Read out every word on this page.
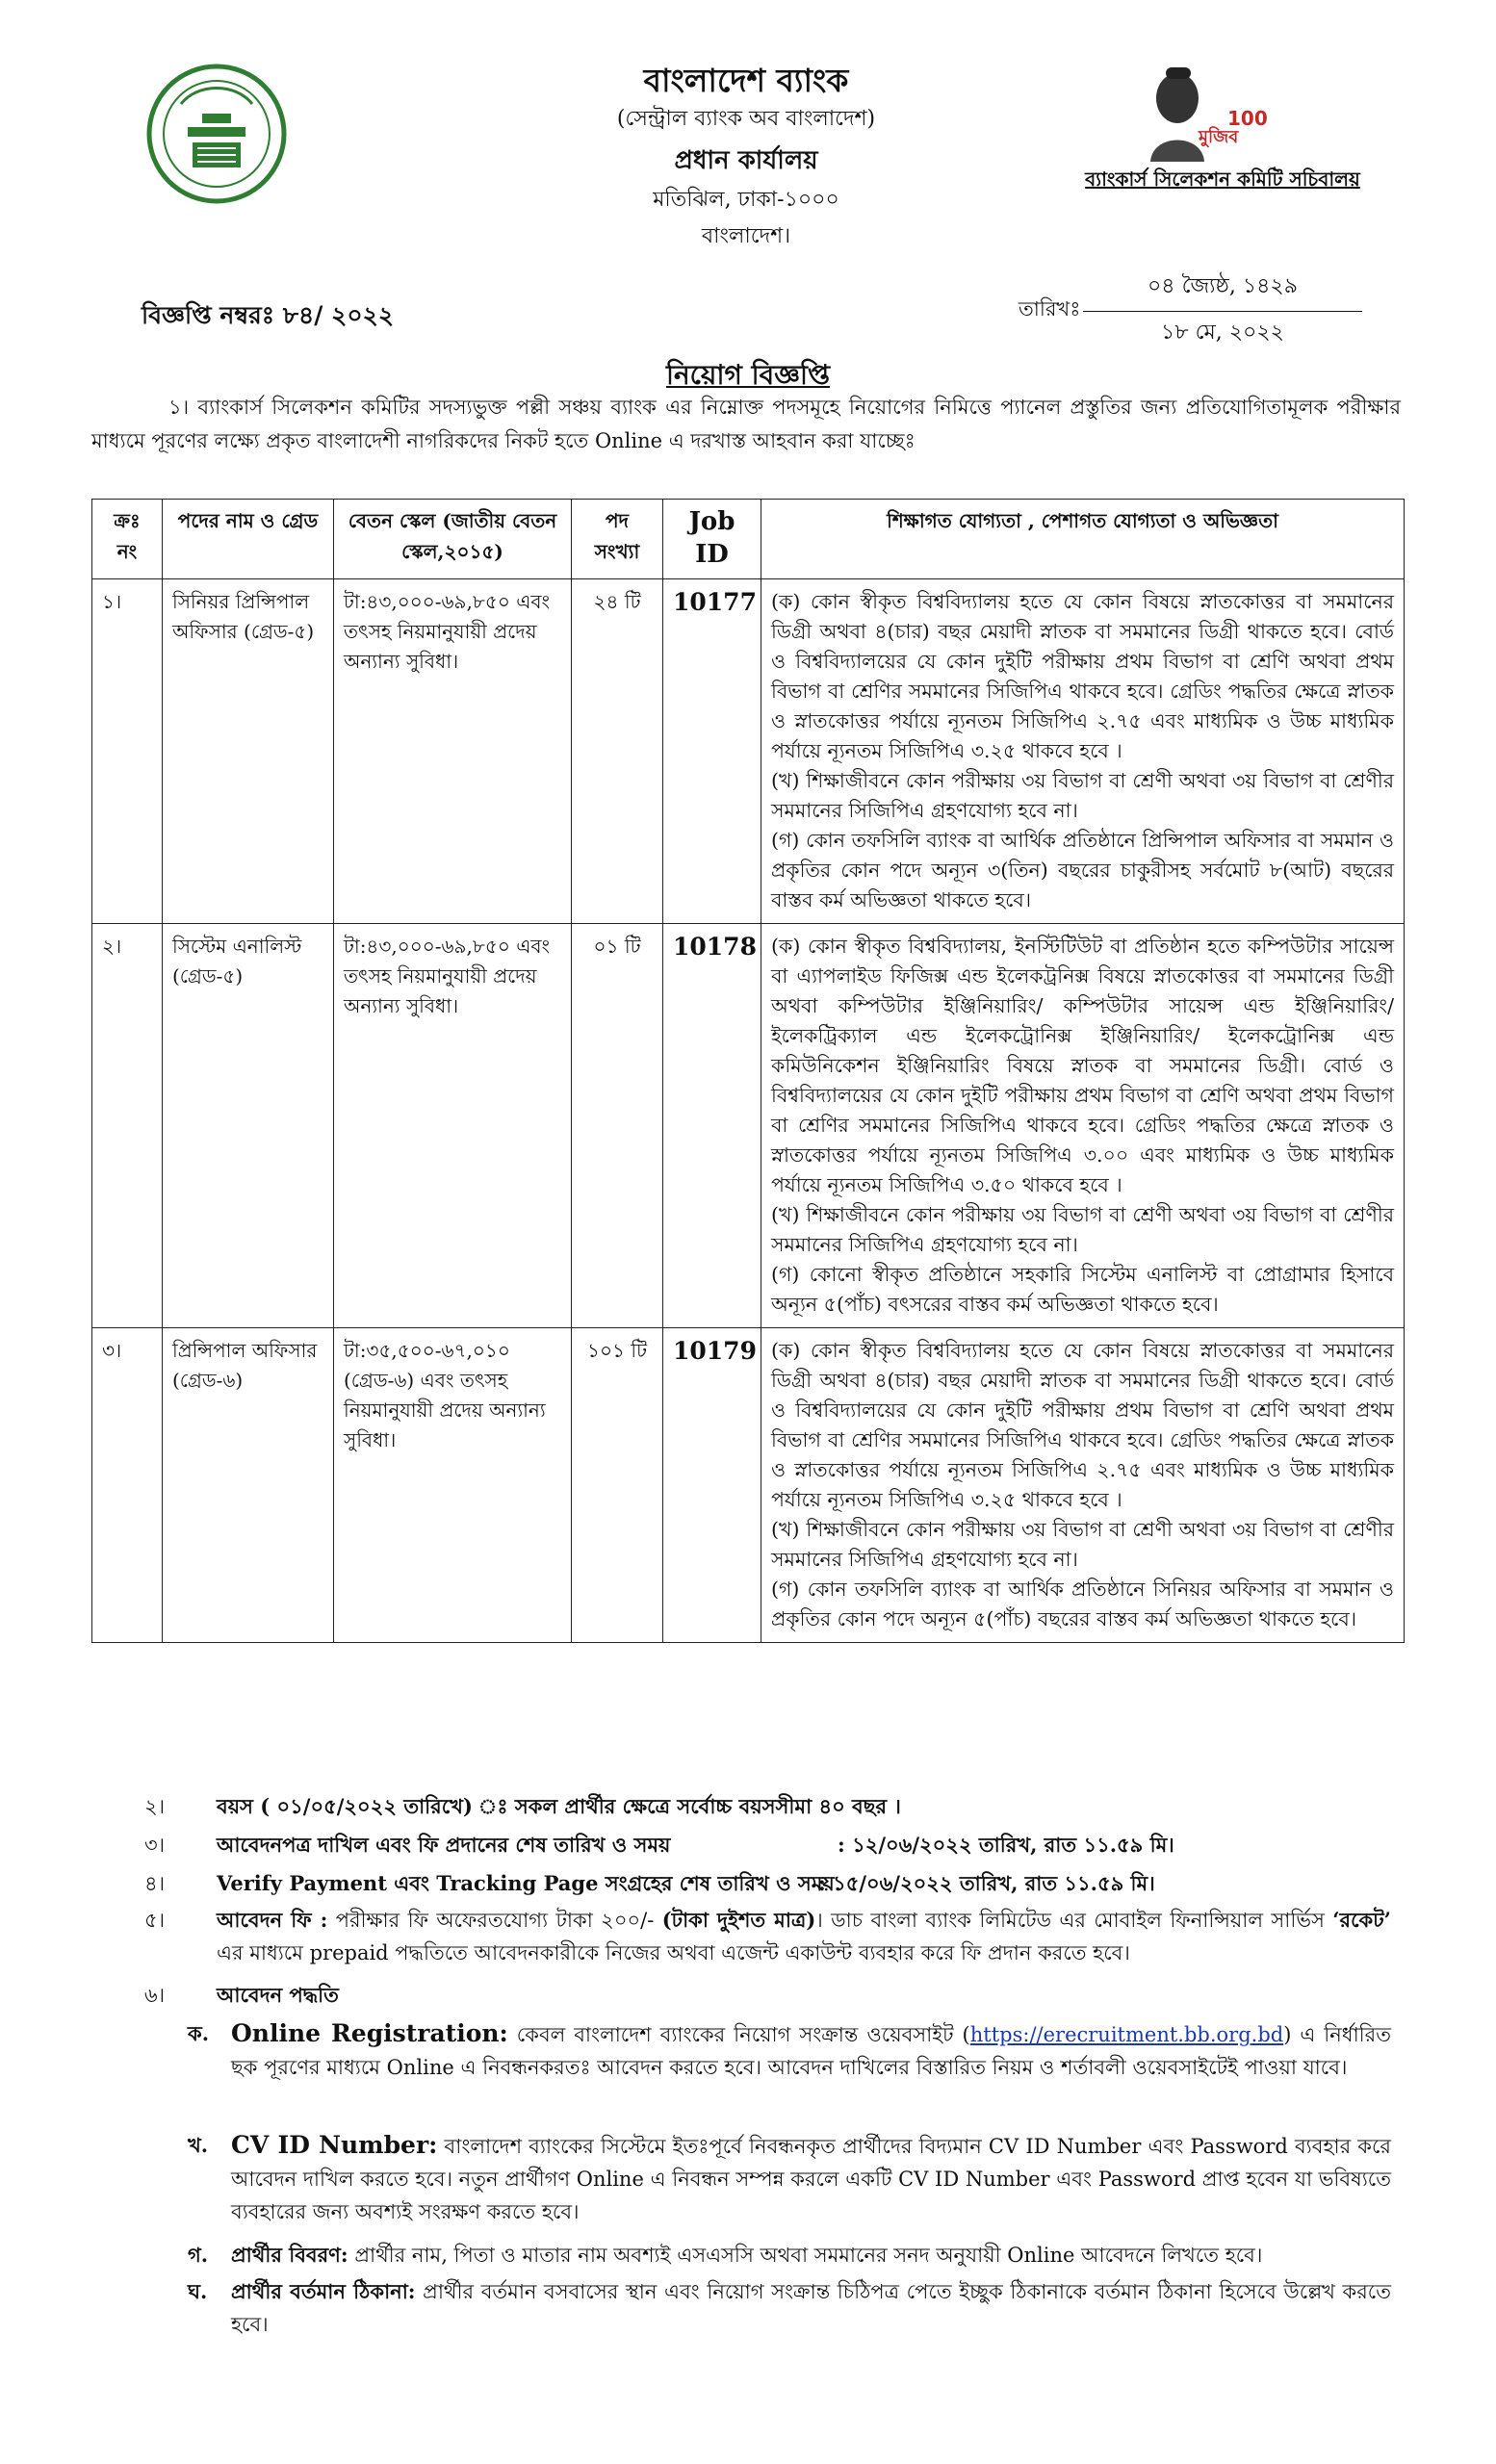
বাংলাদেশ ব্যাংক
(সেন্ট্রাল ব্যাংক অব বাংলাদেশ)
প্রধান কার্যালয়
মতিঝিল, ঢাকা-১০০০
বাংলাদেশ।
মুজিব
100
ব্যাংকার্স সিলেকশন কমিটি সচিবালয়
বিজ্ঞপ্তি নম্বরঃ ৮৪/ ২০২২	তারিখঃ
০৪ জ্যৈষ্ঠ, ১৪২৯
১৮ মে, ২০২২
নিয়োগ বিজ্ঞপ্তি
১। ব্যাংকার্স সিলেকশন কমিটির সদস্যভুক্ত পল্লী সঞ্চয় ব্যাংক এর নিম্নোক্ত পদসমূহে নিয়োগের নিমিত্তে প্যানেল প্রস্তুতির জন্য প্রতিযোগিতামূলক পরীক্ষার মাধ্যমে পূরণের লক্ষ্যে প্রকৃত বাংলাদেশী নাগরিকদের নিকট হতে Online এ দরখাস্ত আহবান করা যাচ্ছেঃ
ক্রঃ নং	পদের নাম ও গ্রেড	বেতন স্কেল (জাতীয় বেতন স্কেল,২০১৫)	পদ সংখ্যা	Job ID	শিক্ষাগত যোগ্যতা , পেশাগত যোগ্যতা ও অভিজ্ঞতা
১।	সিনিয়র প্রিন্সিপাল অফিসার (গ্রেড-৫)	টা:৪৩,০০০-৬৯,৮৫০ এবং তৎসহ নিয়মানুযায়ী প্রদেয় অন্যান্য সুবিধা।	২৪ টি	10177	(ক) কোন স্বীকৃত বিশ্ববিদ্যালয় হতে যে কোন বিষয়ে স্নাতকোত্তর বা সমমানের ডিগ্রী অথবা ৪(চার) বছর মেয়াদী স্নাতক বা সমমানের ডিগ্রী থাকতে হবে। বোর্ড ও বিশ্ববিদ্যালয়ের যে কোন দুইটি পরীক্ষায় প্রথম বিভাগ বা শ্রেণি অথবা প্রথম বিভাগ বা শ্রেণির সমমানের সিজিপিএ থাকবে হবে। গ্রেডিং পদ্ধতির ক্ষেত্রে স্নাতক ও স্নাতকোত্তর পর্যায়ে ন্যূনতম সিজিপিএ ২.৭৫ এবং মাধ্যমিক ও উচ্চ মাধ্যমিক পর্যায়ে ন্যূনতম সিজিপিএ ৩.২৫ থাকবে হবে ।

(খ) শিক্ষাজীবনে কোন পরীক্ষায় ৩য় বিভাগ বা শ্রেণী অথবা ৩য় বিভাগ বা শ্রেণীর সমমানের সিজিপিএ গ্রহণযোগ্য হবে না।

(গ) কোন তফসিলি ব্যাংক বা আর্থিক প্রতিষ্ঠানে প্রিন্সিপাল অফিসার বা সমমান ও প্রকৃতির কোন পদে অন্যূন ৩(তিন) বছরের চাকুরীসহ সর্বমোট ৮(আট) বছরের বাস্তব কর্ম অভিজ্ঞতা থাকতে হবে।

২।	সিস্টেম এনালিস্ট (গ্রেড-৫)	টা:৪৩,০০০-৬৯,৮৫০ এবং তৎসহ নিয়মানুযায়ী প্রদেয় অন্যান্য সুবিধা।	০১ টি	10178	(ক) কোন স্বীকৃত বিশ্ববিদ্যালয়, ইনস্টিটিউট বা প্রতিষ্ঠান হতে কম্পিউটার সায়েন্স বা এ্যাপলাইড ফিজিক্স এন্ড ইলেকট্রনিক্স বিষয়ে স্নাতকোত্তর বা সমমানের ডিগ্রী অথবা কম্পিউটার ইঞ্জিনিয়ারিং/ কম্পিউটার সায়েন্স এন্ড ইঞ্জিনিয়ারিং/ইলেকট্রিক্যাল এন্ড ইলেকট্রোনিক্স ইঞ্জিনিয়ারিং/ ইলেকট্রোনিক্স এন্ড কমিউনিকেশন ইঞ্জিনিয়ারিং বিষয়ে স্নাতক বা সমমানের ডিগ্রী। বোর্ড ও বিশ্ববিদ্যালয়ের যে কোন দুইটি পরীক্ষায় প্রথম বিভাগ বা শ্রেণি অথবা প্রথম বিভাগ বা শ্রেণির সমমানের সিজিপিএ থাকবে হবে। গ্রেডিং পদ্ধতির ক্ষেত্রে স্নাতক ও স্নাতকোত্তর পর্যায়ে ন্যূনতম সিজিপিএ ৩.০০ এবং মাধ্যমিক ও উচ্চ মাধ্যমিক পর্যায়ে ন্যূনতম সিজিপিএ ৩.৫০ থাকবে হবে ।

(খ) শিক্ষাজীবনে কোন পরীক্ষায় ৩য় বিভাগ বা শ্রেণী অথবা ৩য় বিভাগ বা শ্রেণীর সমমানের সিজিপিএ গ্রহণযোগ্য হবে না।

(গ) কোনো স্বীকৃত প্রতিষ্ঠানে সহকারি সিস্টেম এনালিস্ট বা প্রোগ্রামার হিসাবে অন্যূন ৫(পাঁচ) বৎসরের বাস্তব কর্ম অভিজ্ঞতা থাকতে হবে।

৩।	প্রিন্সিপাল অফিসার (গ্রেড-৬)	টা:৩৫,৫০০-৬৭,০১০ (গ্রেড-৬) এবং তৎসহ নিয়মানুযায়ী প্রদেয় অন্যান্য সুবিধা।	১০১ টি	10179	(ক) কোন স্বীকৃত বিশ্ববিদ্যালয় হতে যে কোন বিষয়ে স্নাতকোত্তর বা সমমানের ডিগ্রী অথবা ৪(চার) বছর মেয়াদী স্নাতক বা সমমানের ডিগ্রী থাকতে হবে। বোর্ড ও বিশ্ববিদ্যালয়ের যে কোন দুইটি পরীক্ষায় প্রথম বিভাগ বা শ্রেণি অথবা প্রথম বিভাগ বা শ্রেণির সমমানের সিজিপিএ থাকবে হবে। গ্রেডিং পদ্ধতির ক্ষেত্রে স্নাতক ও স্নাতকোত্তর পর্যায়ে ন্যূনতম সিজিপিএ ২.৭৫ এবং মাধ্যমিক ও উচ্চ মাধ্যমিক পর্যায়ে ন্যূনতম সিজিপিএ ৩.২৫ থাকবে হবে ।

(খ) শিক্ষাজীবনে কোন পরীক্ষায় ৩য় বিভাগ বা শ্রেণী অথবা ৩য় বিভাগ বা শ্রেণীর সমমানের সিজিপিএ গ্রহণযোগ্য হবে না।

(গ) কোন তফসিলি ব্যাংক বা আর্থিক প্রতিষ্ঠানে সিনিয়র অফিসার বা সমমান ও প্রকৃতির কোন পদে অন্যূন ৫(পাঁচ) বছরের বাস্তব কর্ম অভিজ্ঞতা থাকতে হবে।

২।	বয়স ( ০১/০৫/২০২২ তারিখে) ঃ সকল প্রার্থীর ক্ষেত্রে সর্বোচ্চ বয়সসীমা ৪০ বছর ।
৩।	আবেদনপত্র দাখিল এবং ফি প্রদানের শেষ তারিখ ও সময়	: ১২/০৬/২০২২ তারিখ, রাত ১১.৫৯ মি।
৪।	Verify Payment এবং Tracking Page সংগ্রহের শেষ তারিখ ও সময়
: ১৫/০৬/২০২২ তারিখ, রাত ১১.৫৯ মি।
৫।	আবেদন ফি : পরীক্ষার ফি অফেরতযোগ্য টাকা ২০০/- (টাকা দুইশত মাত্র)। ডাচ বাংলা ব্যাংক লিমিটেড এর মোবাইল ফিনান্সিয়াল সার্ভিস ‘রকেট’ এর মাধ্যমে prepaid পদ্ধতিতে আবেদনকারীকে নিজের অথবা এজেন্ট একাউন্ট ব্যবহার করে ফি প্রদান করতে হবে।
৬।	আবেদন পদ্ধতি
ক. Online Registration: কেবল বাংলাদেশ ব্যাংকের নিয়োগ সংক্রান্ত ওয়েবসাইট (https://erecruitment.bb.org.bd) এ নির্ধারিত ছক পূরণের মাধ্যমে Online এ নিবন্ধনকরতঃ আবেদন করতে হবে। আবেদন দাখিলের বিস্তারিত নিয়ম ও শর্তাবলী ওয়েবসাইটেই পাওয়া যাবে।
খ. CV ID Number: বাংলাদেশ ব্যাংকের সিস্টেমে ইতঃপূর্বে নিবন্ধনকৃত প্রার্থীদের বিদ্যমান CV ID Number এবং Password ব্যবহার করে আবেদন দাখিল করতে হবে। নতুন প্রার্থীগণ Online এ নিবন্ধন সম্পন্ন করলে একটি CV ID Number এবং Password প্রাপ্ত হবেন যা ভবিষ্যতে ব্যবহারের জন্য অবশ্যই সংরক্ষণ করতে হবে।
গ. প্রার্থীর বিবরণ: প্রার্থীর নাম, পিতা ও মাতার নাম অবশ্যই এসএসসি অথবা সমমানের সনদ অনুযায়ী Online আবেদনে লিখতে হবে।
ঘ. প্রার্থীর বর্তমান ঠিকানা: প্রার্থীর বর্তমান বসবাসের স্থান এবং নিয়োগ সংক্রান্ত চিঠিপত্র পেতে ইচ্ছুক ঠিকানাকে বর্তমান ঠিকানা হিসেবে উল্লেখ করতে হবে।
